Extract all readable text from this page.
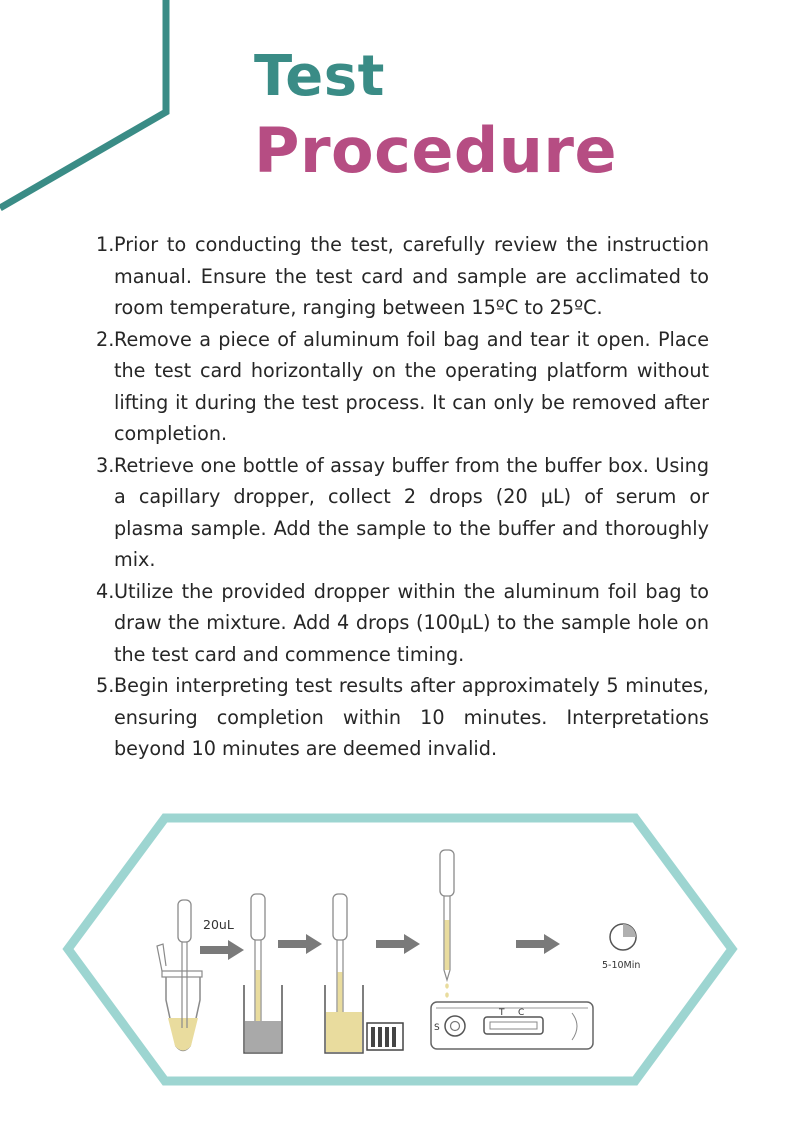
Test
Procedure
1. Prior to conducting the test, carefully review the instruction manual. Ensure the test card and sample are acclimated to room temperature, ranging between 15ºC to 25ºC.
2. Remove a piece of aluminum foil bag and tear it open. Place the test card horizontally on the operating platform without lifting it during the test process. It can only be removed after completion.
3. Retrieve one bottle of assay buffer from the buffer box. Using a capillary dropper, collect 2 drops (20 μL) of serum or plasma sample. Add the sample to the buffer and thoroughly mix.
4. Utilize the provided dropper within the aluminum foil bag to draw the mixture. Add 4 drops (100μL) to the sample hole on the test card and commence timing.
5. Begin interpreting test results after approximately 5 minutes, ensuring completion within 10 minutes. Interpretations beyond 10 minutes are deemed invalid.
20uL
T C
S
5-10Min
